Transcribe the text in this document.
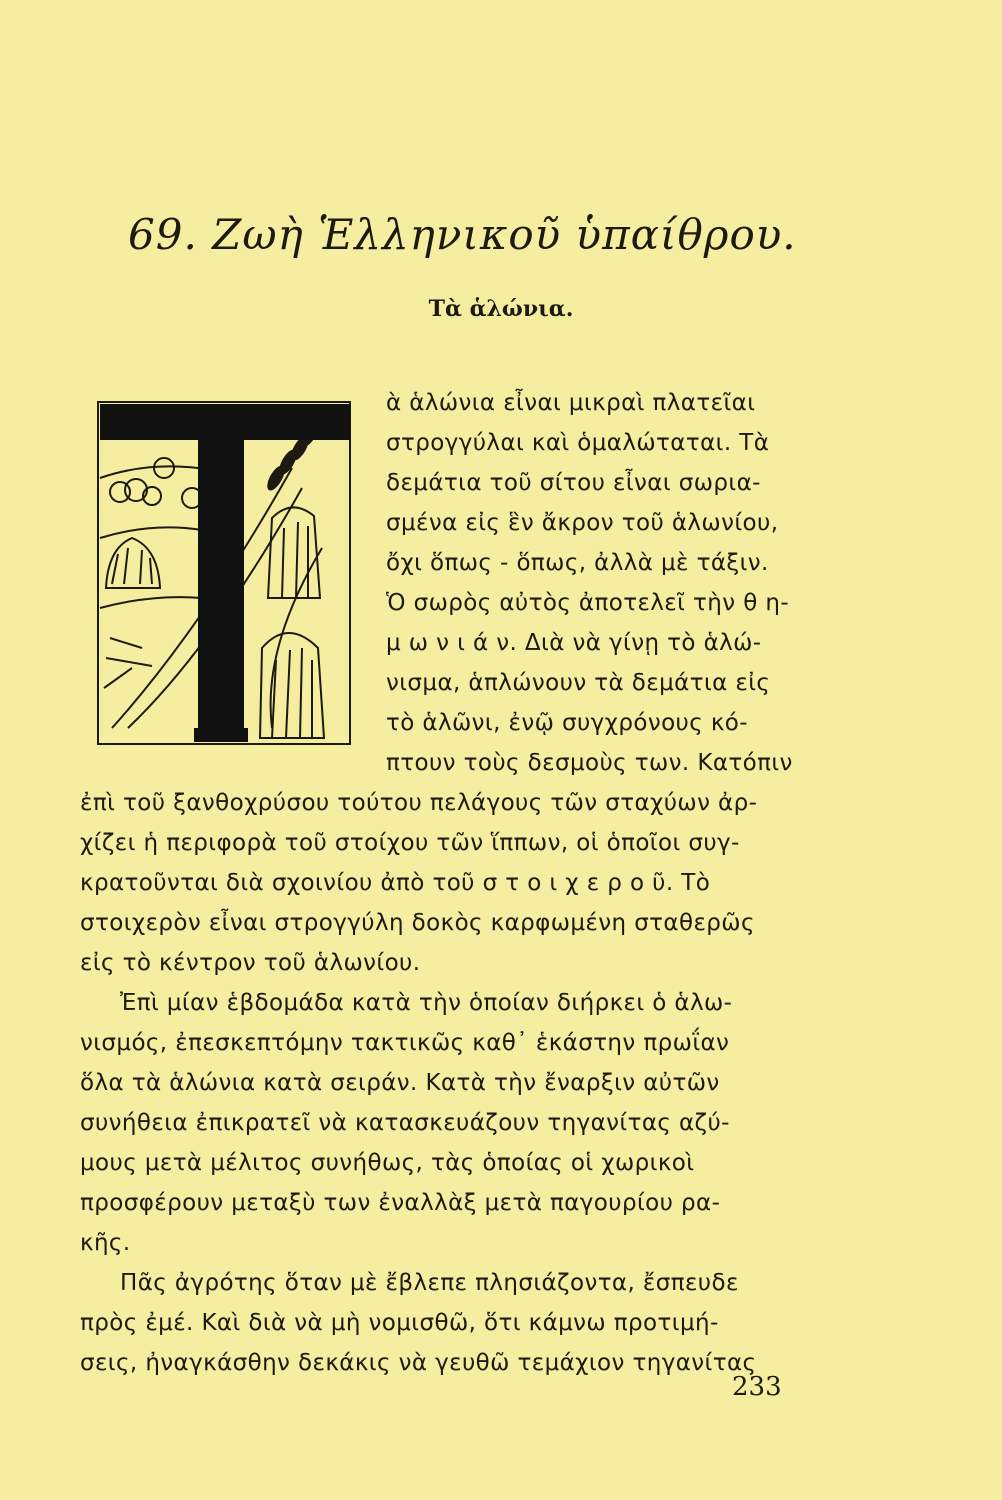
69. Ζωὴ Ἑλληνικοῦ ὑπαίθρου.
Τὰ ἁλώνια.
ὰ ἁλώνια εἶναι μικραὶ πλατεῖαι
στρογγύλαι καὶ ὁμαλώταται. Τὰ
δεμάτια τοῦ σίτου εἶναι σωρια-
σμένα εἰς ἓν ἄκρον τοῦ ἁλωνίου,
ὄχι ὅπως - ὅπως, ἀλλὰ μὲ τάξιν.
Ὁ σωρὸς αὐτὸς ἀποτελεῖ τὴν θ η-
μ ω ν ι ά ν. Διὰ νὰ γίνῃ τὸ ἁλώ-
νισμα, ἁπλώνουν τὰ δεμάτια εἰς
τὸ ἁλῶνι, ἐνῷ συγχρόνους κό-
πτουν τοὺς δεσμοὺς των. Κατόπιν
ἐπὶ τοῦ ξανθοχρύσου τούτου πελάγους τῶν σταχύων ἀρ-
χίζει ἡ περιφορὰ τοῦ στοίχου τῶν ἵππων, οἱ ὁποῖοι συγ-
κρατοῦνται διὰ σχοινίου ἀπὸ τοῦ σ τ ο ι χ ε ρ ο ῦ. Τὸ
στοιχερὸν εἶναι στρογγύλη δοκὸς καρφωμένη σταθερῶς
εἰς τὸ κέντρον τοῦ ἁλωνίου.
Ἐπὶ μίαν ἑβδομάδα κατὰ τὴν ὁποίαν διήρκει ὁ ἁλω-
νισμός, ἐπεσκεπτόμην τακτικῶς καθ᾽ ἑκάστην πρωΐαν
ὅλα τὰ ἁλώνια κατὰ σειράν. Κατὰ τὴν ἔναρξιν αὐτῶν
συνήθεια ἐπικρατεῖ νὰ κατασκευάζουν τηγανίτας αζύ-
μους μετὰ μέλιτος συνήθως, τὰς ὁποίας οἱ χωρικοὶ
προσφέρουν μεταξὺ των ἐναλλὰξ μετὰ παγουρίου ρα-
κῆς.
Πᾶς ἀγρότης ὅταν μὲ ἔβλεπε πλησιάζοντα, ἔσπευδε
πρὸς ἐμέ. Καὶ διὰ νὰ μὴ νομισθῶ, ὅτι κάμνω προτιμή-
σεις, ἠναγκάσθην δεκάκις νὰ γευθῶ τεμάχιον τηγανίτας
233
